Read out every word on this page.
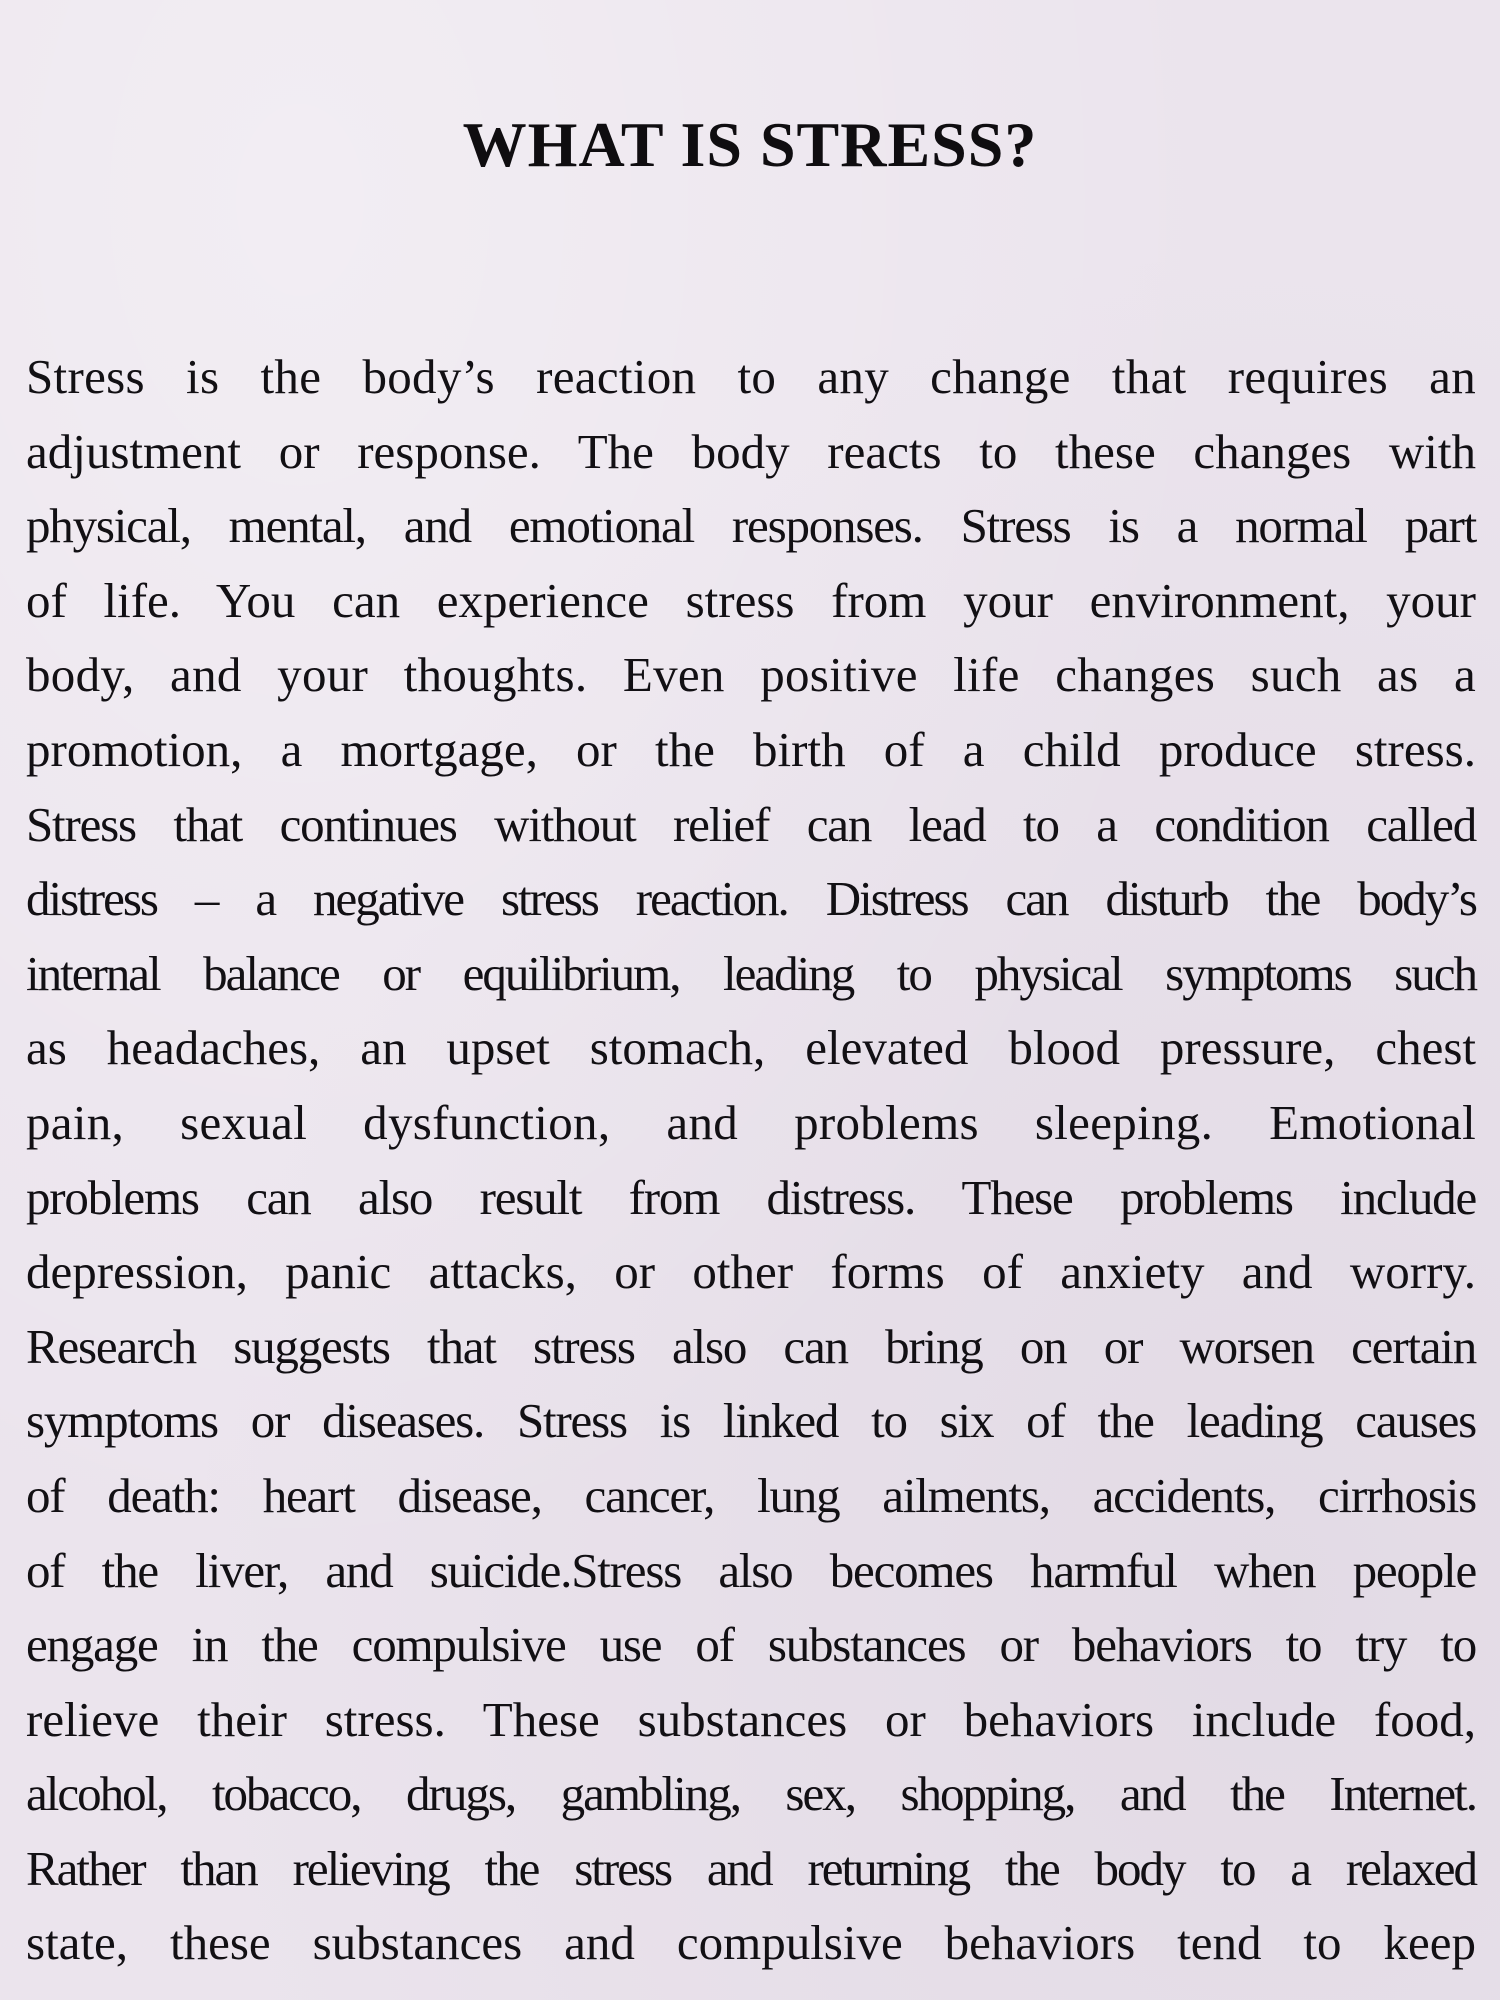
WHAT IS STRESS?
Stress is the body’s reaction to any change that requires an
adjustment or response. The body reacts to these changes with
physical, mental, and emotional responses. Stress is a normal part
of life. You can experience stress from your environment, your
body, and your thoughts. Even positive life changes such as a
promotion, a mortgage, or the birth of a child produce stress.
Stress that continues without relief can lead to a condition called
distress – a negative stress reaction. Distress can disturb the body’s
internal balance or equilibrium, leading to physical symptoms such
as headaches, an upset stomach, elevated blood pressure, chest
pain, sexual dysfunction, and problems sleeping. Emotional
problems can also result from distress. These problems include
depression, panic attacks, or other forms of anxiety and worry.
Research suggests that stress also can bring on or worsen certain
symptoms or diseases. Stress is linked to six of the leading causes
of death: heart disease, cancer, lung ailments, accidents, cirrhosis
of the liver, and suicide.Stress also becomes harmful when people
engage in the compulsive use of substances or behaviors to try to
relieve their stress. These substances or behaviors include food,
alcohol, tobacco, drugs, gambling, sex, shopping, and the Internet.
Rather than relieving the stress and returning the body to a relaxed
state, these substances and compulsive behaviors tend to keep
